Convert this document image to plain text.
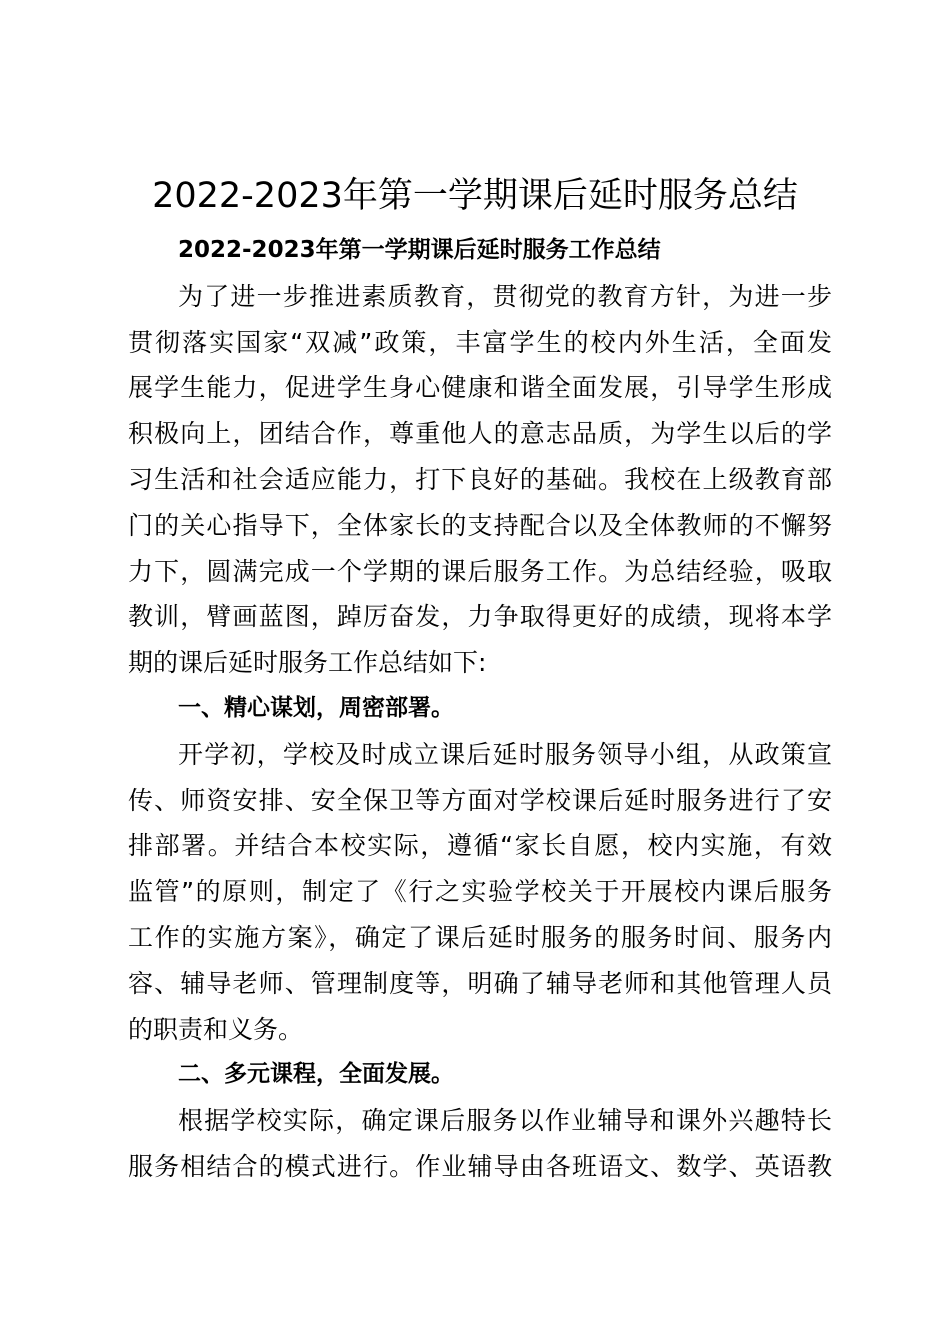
2022-2023年第一学期课后延时服务总结
2022-2023年第一学期课后延时服务工作总结
为了进一步推进素质教育，贯彻党的教育方针，为进一步
贯彻落实国家“双减”政策，丰富学生的校内外生活，全面发
展学生能力，促进学生身心健康和谐全面发展，引导学生形成
积极向上，团结合作，尊重他人的意志品质，为学生以后的学
习生活和社会适应能力，打下良好的基础。我校在上级教育部
门的关心指导下，全体家长的支持配合以及全体教师的不懈努
力下，圆满完成一个学期的课后服务工作。为总结经验，吸取
教训，臂画蓝图，踔厉奋发，力争取得更好的成绩，现将本学
期的课后延时服务工作总结如下:
一、精心谋划，周密部署。
开学初，学校及时成立课后延时服务领导小组，从政策宣
传、师资安排、安全保卫等方面对学校课后延时服务进行了安
排部署。并结合本校实际，遵循“家长自愿，校内实施，有效
监管”的原则，制定了《行之实验学校关于开展校内课后服务
工作的实施方案》，确定了课后延时服务的服务时间、服务内
容、辅导老师、管理制度等，明确了辅导老师和其他管理人员
的职责和义务。
二、多元课程，全面发展。
根据学校实际，确定课后服务以作业辅导和课外兴趣特长
服务相结合的模式进行。作业辅导由各班语文、数学、英语教
